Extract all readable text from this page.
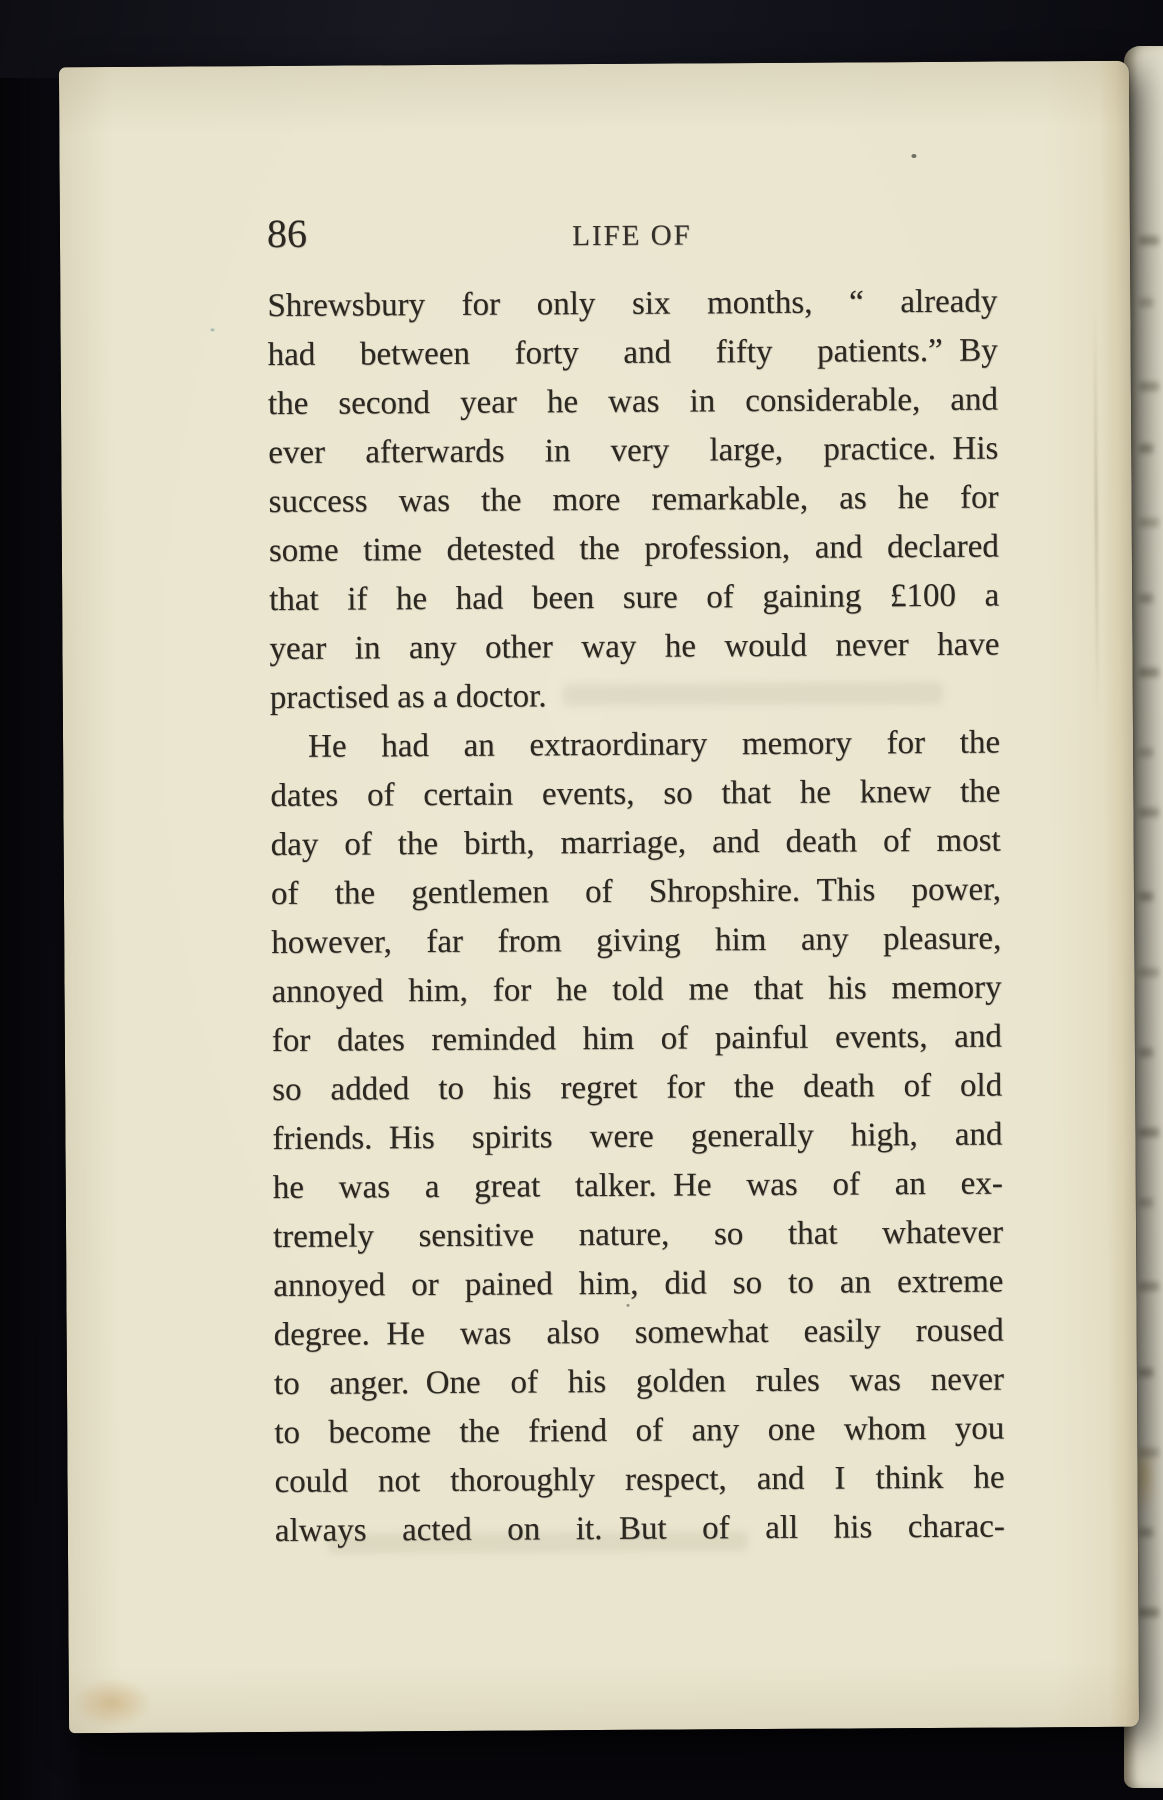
86	LIFE OF
Shrewsbury for only six months, “ already
had between forty and fifty patients.” By
the second year he was in considerable, and
ever afterwards in very large, practice. His
success was the more remarkable, as he for
some time detested the profession, and declared
that if he had been sure of gaining £100 a
year in any other way he would never have
practised as a doctor.
He had an extraordinary memory for the
dates of certain events, so that he knew the
day of the birth, marriage, and death of most
of the gentlemen of Shropshire. This power,
however, far from giving him any pleasure,
annoyed him, for he told me that his memory
for dates reminded him of painful events, and
so added to his regret for the death of old
friends. His spirits were generally high, and
he was a great talker. He was of an ex-
tremely sensitive nature, so that whatever
annoyed or pained him, did so to an extreme
degree. He was also somewhat easily roused
to anger. One of his golden rules was never
to become the friend of any one whom you
could not thoroughly respect, and I think he
always acted on it. But of all his charac-
